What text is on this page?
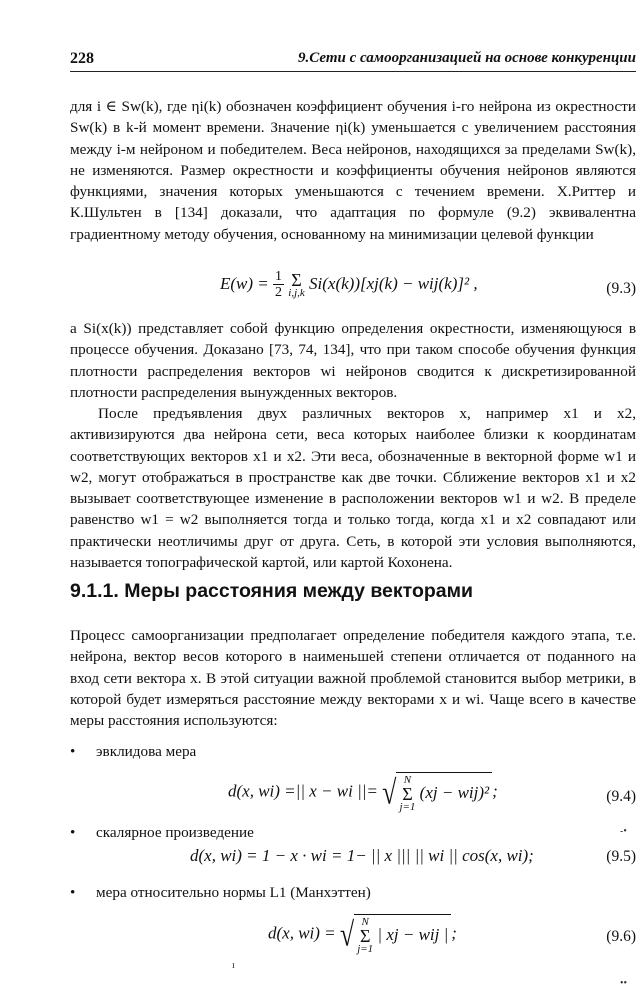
228	9.Сети с самоорганизацией на основе конкуренции
для i ∈ Sw(k), где ηi(k) обозначен коэффициент обучения i-го нейрона из окрестности Sw(k) в k-й момент времени. Значение ηi(k) уменьшается с увеличением расстояния между i-м нейроном и победителем. Веса нейронов, находящихся за пределами Sw(k), не изменяются. Размер окрестности и коэффициенты обучения нейронов являются функциями, значения которых уменьшаются с течением времени. Х.Риттер и К.Шультен в [134] доказали, что адаптация по формуле (9.2) эквивалентна градиентному методу обучения, основанному на минимизации целевой функции
$E(w) = \frac{1}{2}$
Σ
i,j,k Si(x(k))[xj(k) − wij(k)]² ,	(9.3)
а Si(x(k)) представляет собой функцию определения окрестности, изменяющуюся в процессе обучения. Доказано [73, 74, 134], что при таком способе обучения функция плотности распределения векторов wi нейронов сводится к дискретизированной плотности распределения вынужденных векторов.
После предъявления двух различных векторов x, например x1 и x2, активизируются два нейрона сети, веса которых наиболее близки к координатам соответствующих векторов x1 и x2. Эти веса, обозначенные в векторной форме w1 и w2, могут отображаться в пространстве как две точки. Сближение векторов x1 и x2 вызывает соответствующее изменение в расположении векторов w1 и w2. В пределе равенство w1 = w2 выполняется тогда и только тогда, когда x1 и x2 совпадают или практически неотличимы друг от друга. Сеть, в которой эти условия выполняются, называется топографической картой, или картой Кохонена.
9.1.1. Меры расстояния между векторами
Процесс самоорганизации предполагает определение победителя каждого этапа, т.е. нейрона, вектор весов которого в наименьшей степени отличается от поданного на вход сети вектора x. В этой ситуации важной проблемой становится выбор метрики, в которой будет измеряться расстояние между векторами x и wi. Чаще всего в качестве меры расстояния используются:
• эвклидова мера
d(x, wi) =|| x − wi ||= √ N
Σ
j=1
(xj − wij)² ;	(9.4)
• скалярное произведение
d(x, wi) = 1 − x · wi = 1− || x ||| || wi || cos(x, wi);	(9.5)
• мера относительно нормы L1 (Манхэттен)
d(x, wi) = √ N
Σ
j=1
| xj − wij | ;	(9.6)
-•
ı
••
